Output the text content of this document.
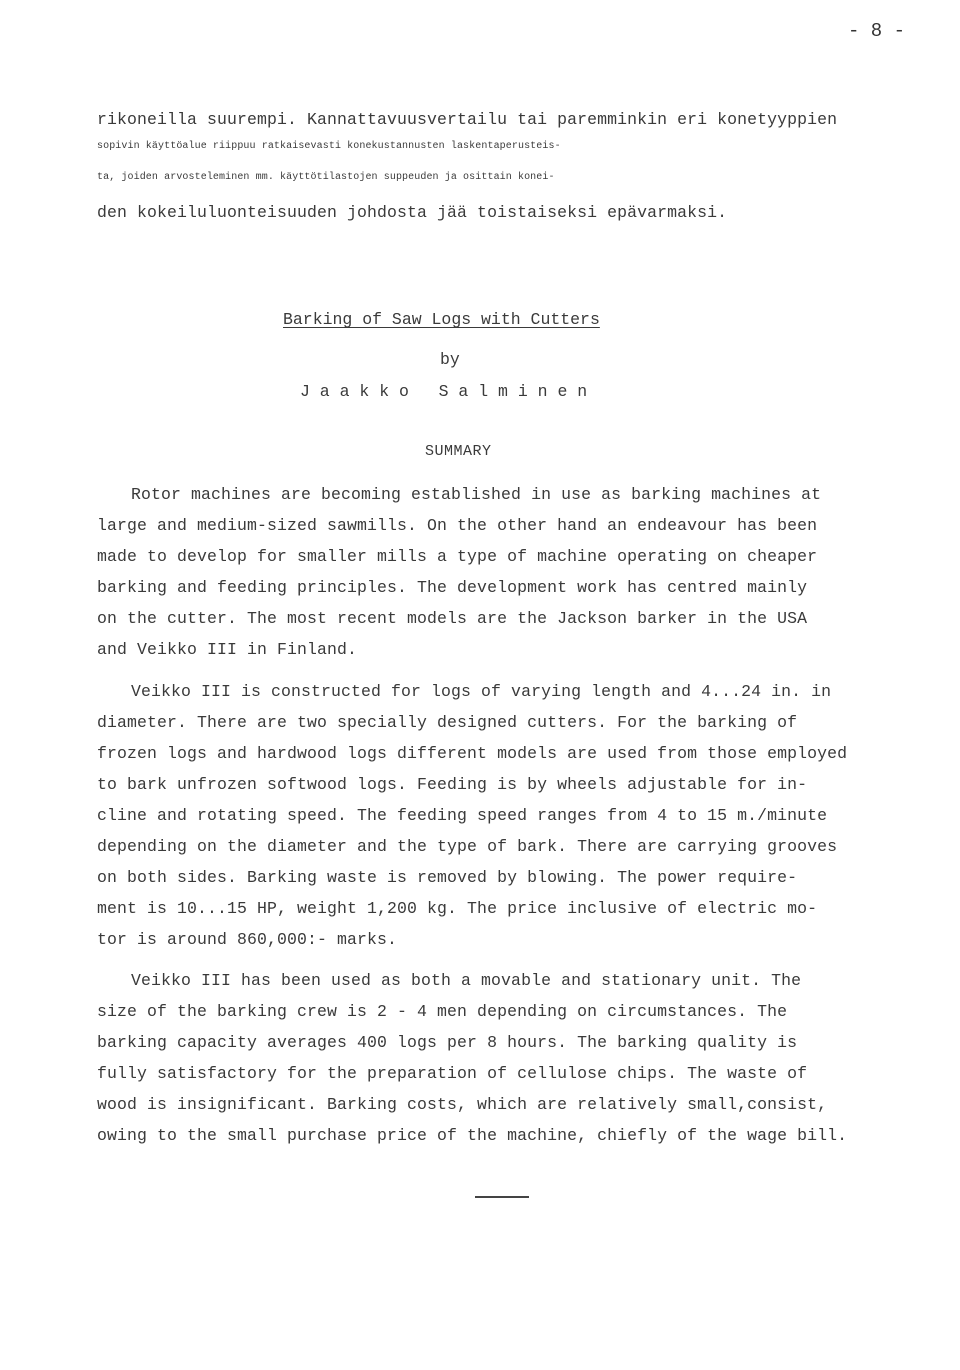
- 8 -
rikoneilla suurempi. Kannattavuusvertailu tai paremminkin eri konetyyppien
sopivin käyttöalue riippuu ratkaisevasti konekustannusten laskentaperusteis-
ta, joiden arvosteleminen mm. käyttötilastojen suppeuden ja osittain konei-
den kokeiluluonteisuuden johdosta jää toistaiseksi epävarmaksi.
Barking of Saw Logs with Cutters
by
J a a k k o   S a l m i n e n
SUMMARY
Rotor machines are becoming established in use as barking machines at
large and medium-sized sawmills. On the other hand an endeavour has been
made to develop for smaller mills a type of machine operating on cheaper
barking and feeding principles. The development work has centred mainly
on the cutter. The most recent models are the Jackson barker in the USA
and Veikko III in Finland.
Veikko III is constructed for logs of varying length and 4...24 in. in
diameter. There are two specially designed cutters. For the barking of
frozen logs and hardwood logs different models are used from those employed
to bark unfrozen softwood logs. Feeding is by wheels adjustable for in-
cline and rotating speed. The feeding speed ranges from 4 to 15 m./minute
depending on the diameter and the type of bark. There are carrying grooves
on both sides. Barking waste is removed by blowing. The power require-
ment is 10...15 HP, weight 1,200 kg. The price inclusive of electric mo-
tor is around 860,000:- marks.
Veikko III has been used as both a movable and stationary unit. The
size of the barking crew is 2 - 4 men depending on circumstances. The
barking capacity averages 400 logs per 8 hours. The barking quality is
fully satisfactory for the preparation of cellulose chips. The waste of
wood is insignificant. Barking costs, which are relatively small,consist,
owing to the small purchase price of the machine, chiefly of the wage bill.
